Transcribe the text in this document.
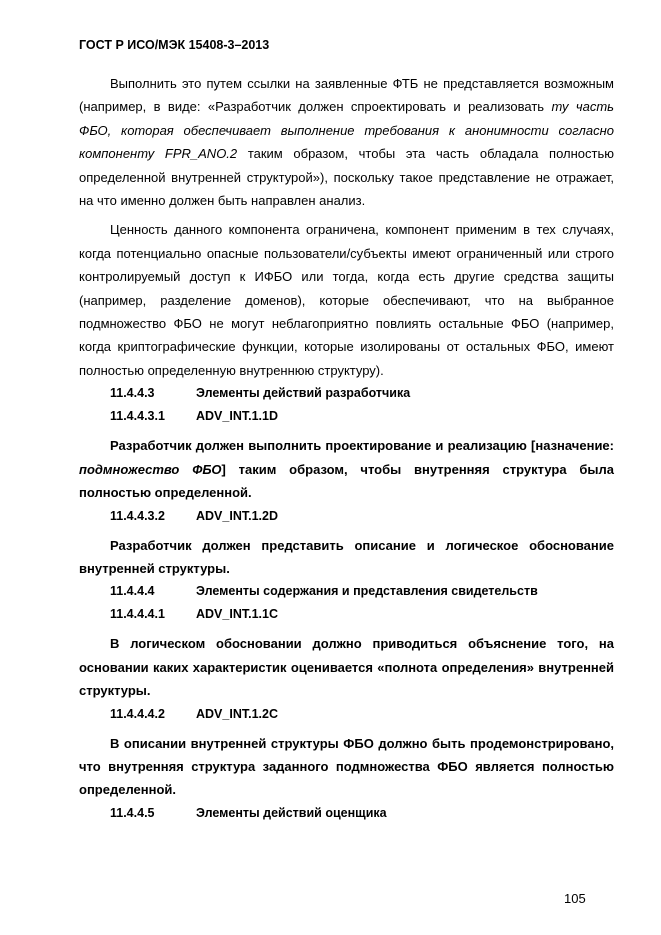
ГОСТ Р ИСО/МЭК 15408-3–2013

Выполнить это путем ссылки на заявленные ФТБ не представляется возможным (например, в виде: «Разработчик должен спроектировать и реализовать ту часть ФБО, которая обеспечивает выполнение требования к анонимности согласно компоненту FPR_ANO.2 таким образом, чтобы эта часть обладала полностью определенной внутренней структурой»), поскольку такое представление не отражает, на что именно должен быть направлен анализ.

Ценность данного компонента ограничена, компонент применим в тех случаях, когда потенциально опасные пользователи/субъекты имеют ограниченный или строго контролируемый доступ к ИФБО или тогда, когда есть другие средства защиты (например, разделение доменов), которые обеспечивают, что на выбранное подмножество ФБО не могут неблагоприятно повлиять остальные ФБО (например, когда криптографические функции, которые изолированы от остальных ФБО, имеют полностью определенную внутреннюю структуру).

11.4.4.3	Элементы действий разработчика
11.4.4.3.1	ADV_INT.1.1D

Разработчик должен выполнить проектирование и реализацию [назначение: подмножество ФБО] таким образом, чтобы внутренняя структура была полностью определенной.

11.4.4.3.2	ADV_INT.1.2D

Разработчик должен представить описание и логическое обоснование внутренней структуры.

11.4.4.4	Элементы содержания и представления свидетельств
11.4.4.4.1	ADV_INT.1.1C

В логическом обосновании должно приводиться объяснение того, на основании каких характеристик оценивается «полнота определения» внутренней структуры.

11.4.4.4.2	ADV_INT.1.2C

В описании внутренней структуры ФБО должно быть продемонстрировано, что внутренняя структура заданного подмножества ФБО является полностью определенной.

11.4.4.5	Элементы действий оценщика
105
